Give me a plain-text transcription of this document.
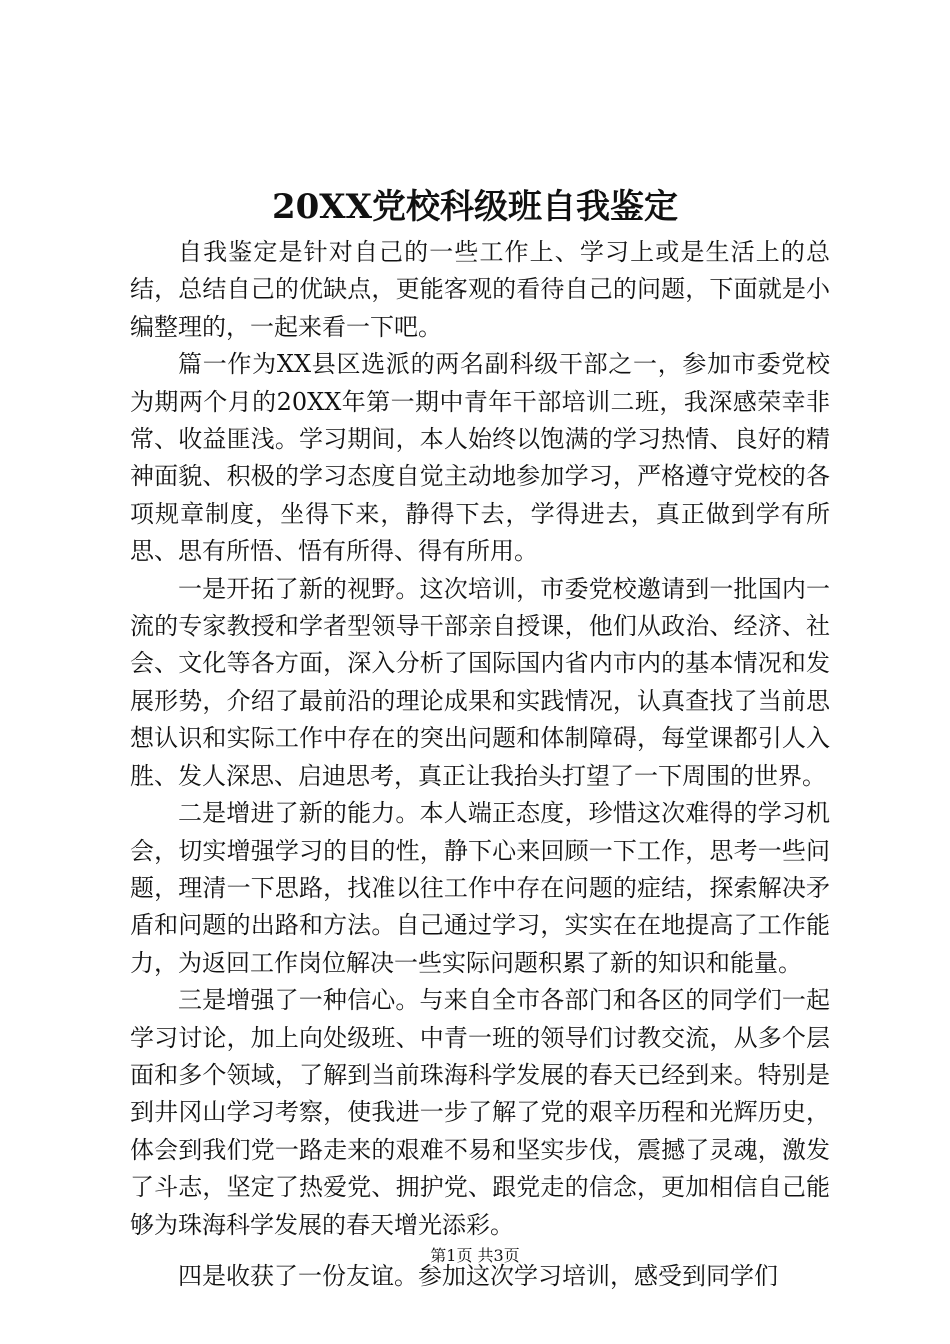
20XX党校科级班自我鉴定

自我鉴定是针对自己的一些工作上、学习上或是生活上的总结，总结自己的优缺点，更能客观的看待自己的问题，下面就是小编整理的，一起来看一下吧。

篇一作为XX县区选派的两名副科级干部之一，参加市委党校为期两个月的20XX年第一期中青年干部培训二班，我深感荣幸非常、收益匪浅。学习期间，本人始终以饱满的学习热情、良好的精神面貌、积极的学习态度自觉主动地参加学习，严格遵守党校的各项规章制度，坐得下来，静得下去，学得进去，真正做到学有所思、思有所悟、悟有所得、得有所用。

一是开拓了新的视野。这次培训，市委党校邀请到一批国内一流的专家教授和学者型领导干部亲自授课，他们从政治、经济、社会、文化等各方面，深入分析了国际国内省内市内的基本情况和发展形势，介绍了最前沿的理论成果和实践情况，认真查找了当前思想认识和实际工作中存在的突出问题和体制障碍，每堂课都引人入胜、发人深思、启迪思考，真正让我抬头打望了一下周围的世界。

二是增进了新的能力。本人端正态度，珍惜这次难得的学习机会，切实增强学习的目的性，静下心来回顾一下工作，思考一些问题，理清一下思路，找准以往工作中存在问题的症结，探索解决矛盾和问题的出路和方法。自己通过学习，实实在在地提高了工作能力，为返回工作岗位解决一些实际问题积累了新的知识和能量。

三是增强了一种信心。与来自全市各部门和各区的同学们一起学习讨论，加上向处级班、中青一班的领导们讨教交流，从多个层面和多个领域，了解到当前珠海科学发展的春天已经到来。特别是到井冈山学习考察，使我进一步了解了党的艰辛历程和光辉历史，体会到我们党一路走来的艰难不易和坚实步伐，震撼了灵魂，激发了斗志，坚定了热爱党、拥护党、跟党走的信念，更加相信自己能够为珠海科学发展的春天增光添彩。

四是收获了一份友谊。参加这次学习培训，感受到同学们

第1页 共3页
